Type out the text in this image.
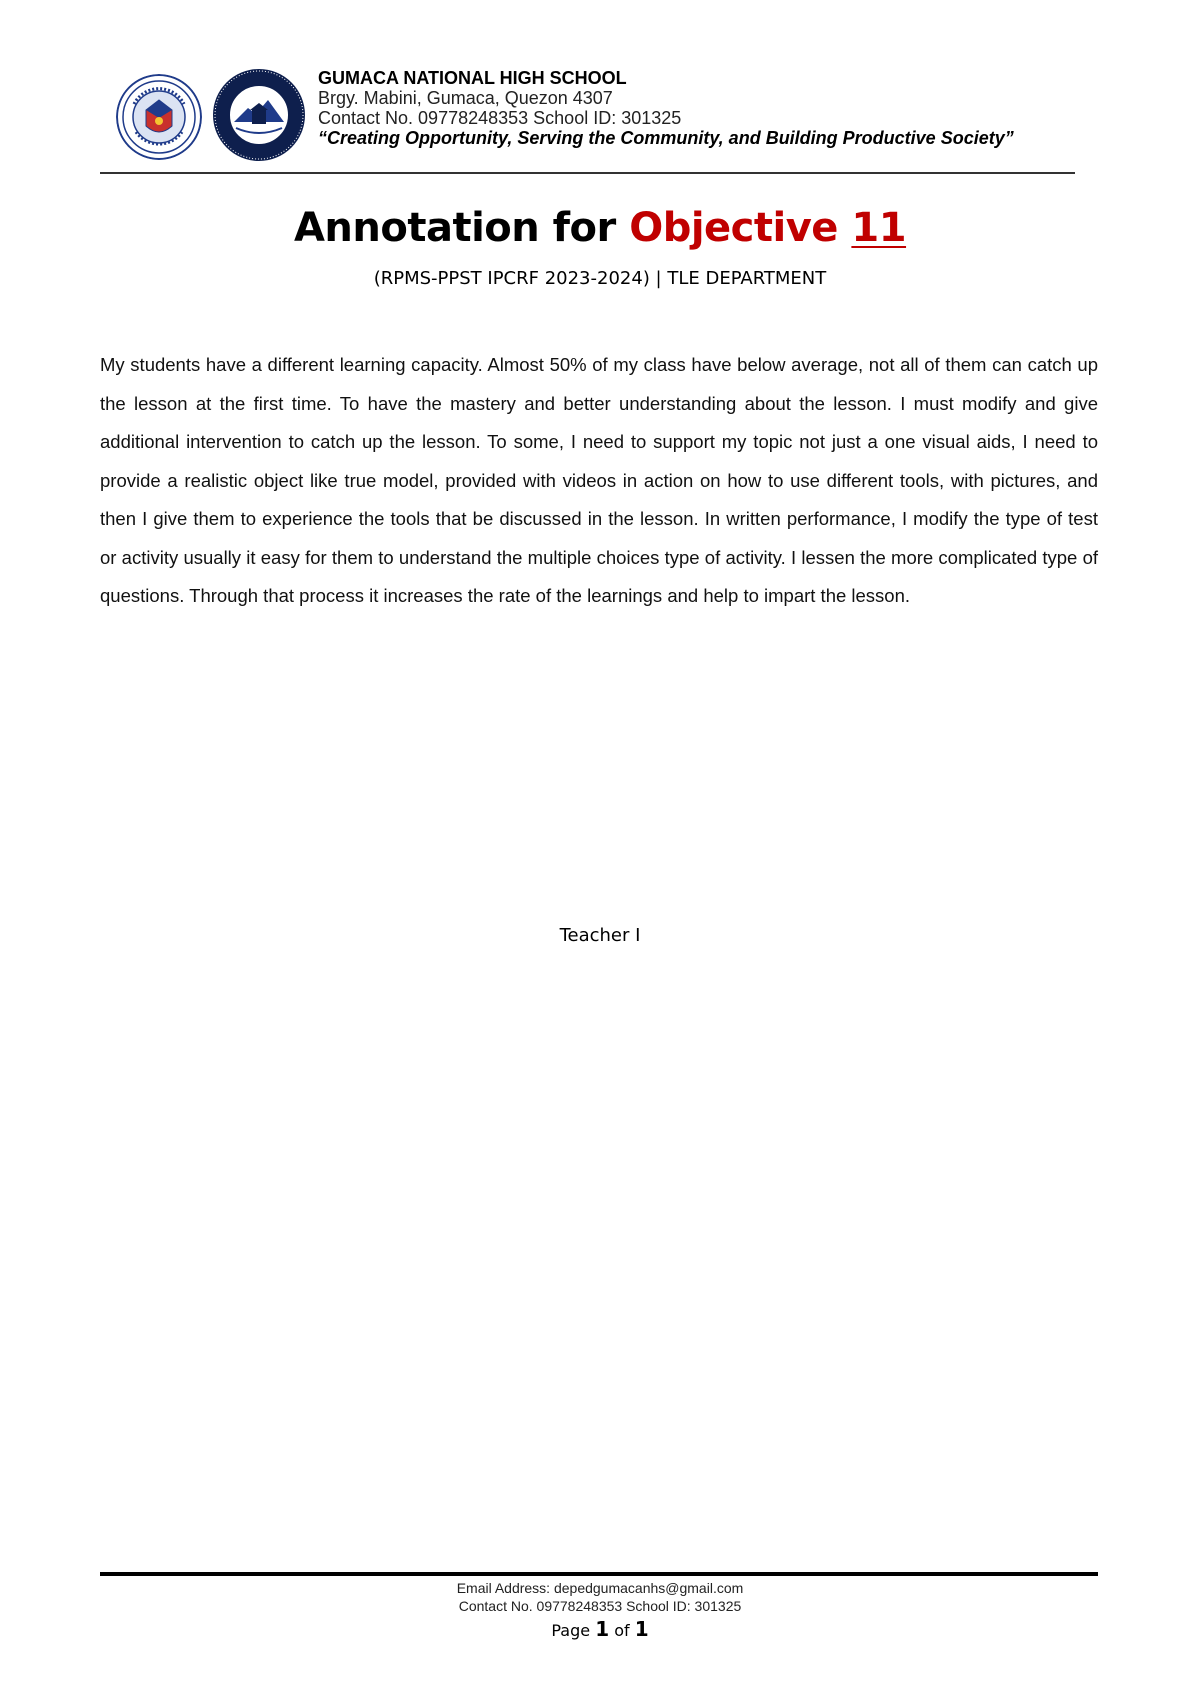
GUMACA NATIONAL HIGH SCHOOL
Brgy. Mabini, Gumaca, Quezon 4307
Contact No. 09778248353 School ID: 301325
“Creating Opportunity, Serving the Community, and Building Productive Society”
Annotation for Objective 11
(RPMS-PPST IPCRF 2023-2024) | TLE DEPARTMENT
My students have a different learning capacity. Almost 50% of my class have below average, not all of them can catch up the lesson at the first time. To have the mastery and better understanding about the lesson. I must modify and give additional intervention to catch up the lesson. To some, I need to support my topic not just a one visual aids, I need to provide a realistic object like true model, provided with videos in action on how to use different tools, with pictures, and then I give them to experience the tools that be discussed in the lesson. In written performance, I modify the type of test or activity usually it easy for them to understand the multiple choices type of activity. I lessen the more complicated type of questions. Through that process it increases the rate of the learnings and help to impart the lesson.
Teacher I
Email Address: depedgumacanhs@gmail.com
Contact No. 09778248353 School ID: 301325
Page 1 of 1
